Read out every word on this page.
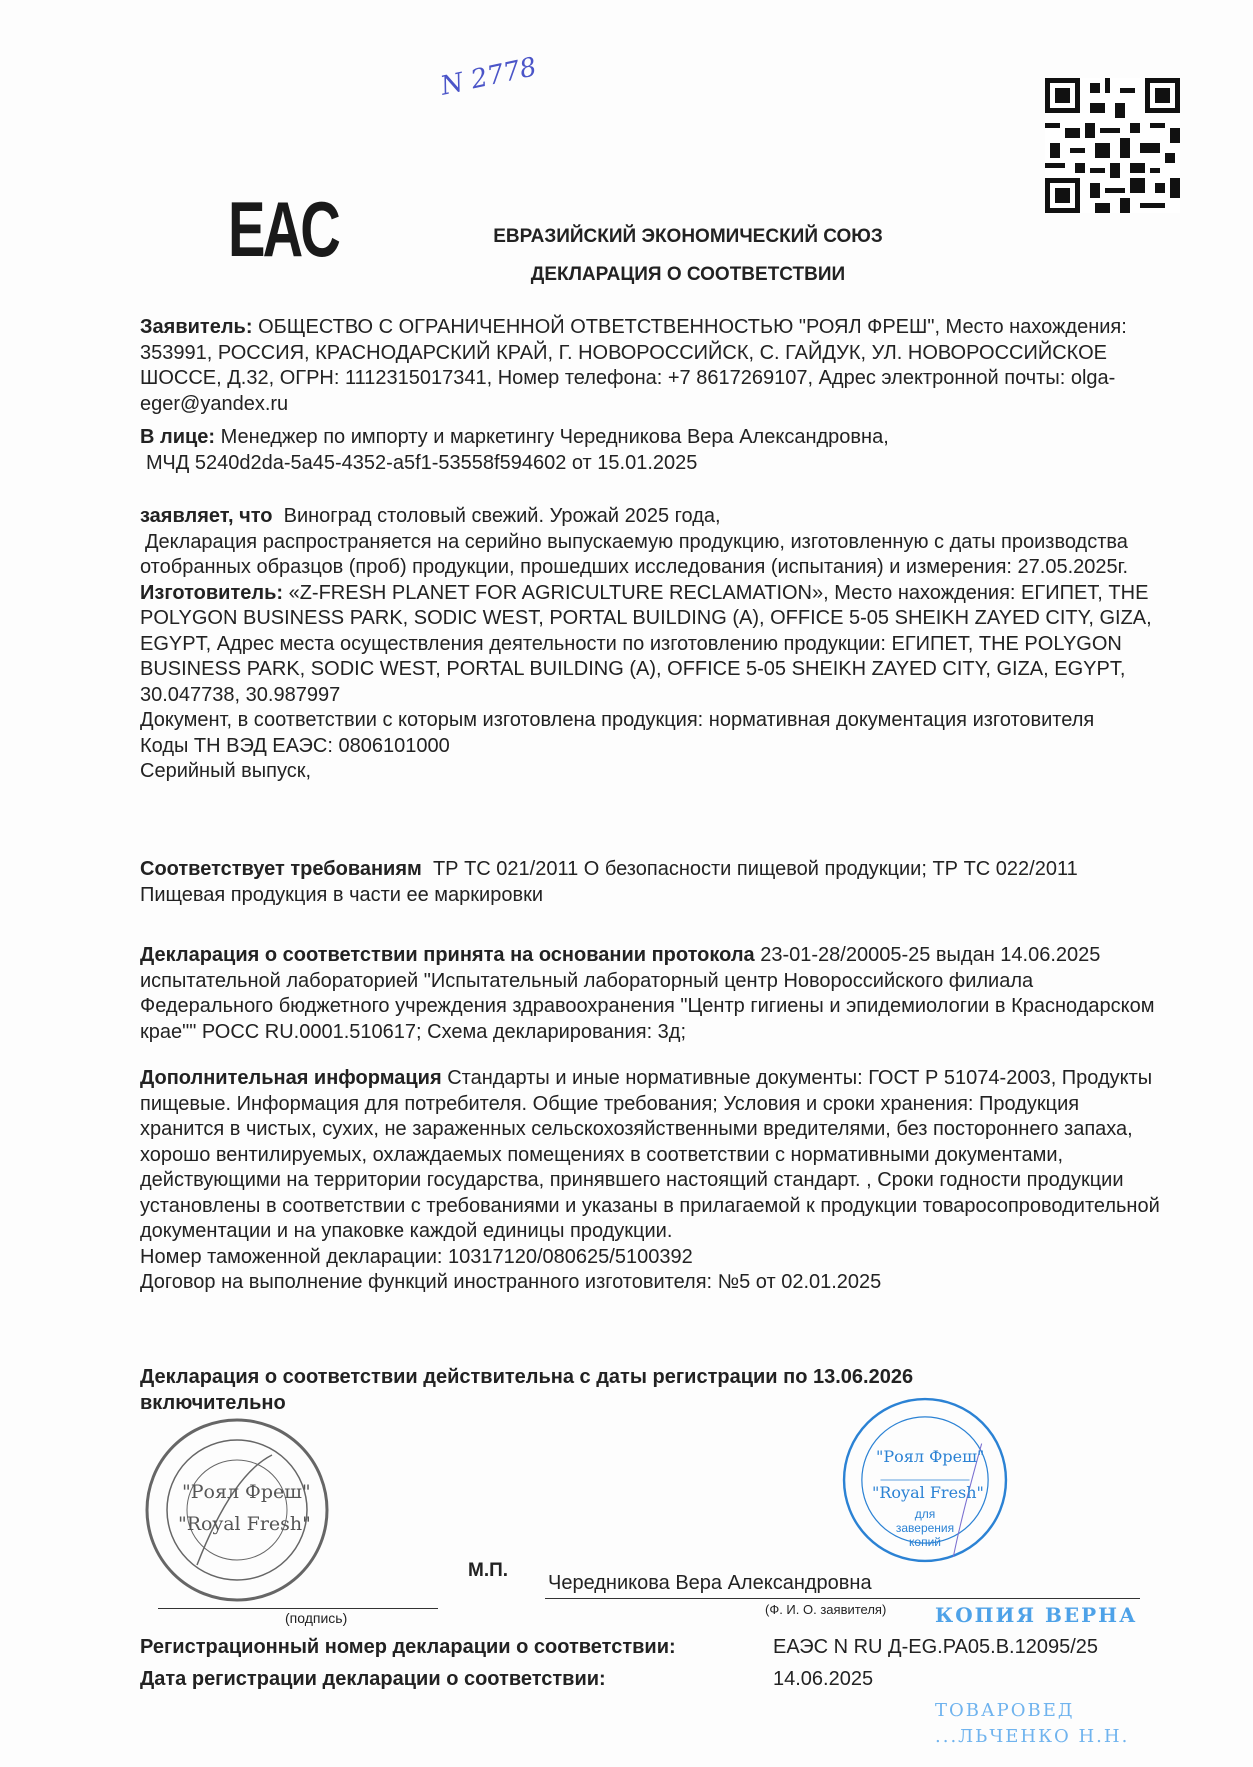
N 2778
EAC	ЕВРАЗИЙСКИЙ ЭКОНОМИЧЕСКИЙ СОЮЗ
ДЕКЛАРАЦИЯ О СООТВЕТСТВИИ
Заявитель: ОБЩЕСТВО С ОГРАНИЧЕННОЙ ОТВЕТСТВЕННОСТЬЮ "РОЯЛ ФРЕШ", Место нахождения: 353991, РОССИЯ, КРАСНОДАРСКИЙ КРАЙ, Г. НОВОРОССИЙСК, С. ГАЙДУК, УЛ. НОВОРОССИЙСКОЕ ШОССЕ, Д.32, ОГРН: 1112315017341, Номер телефона: +7 8617269107, Адрес электронной почты: olga-eger@yandex.ru
В лице: Менеджер по импорту и маркетингу Чередникова Вера Александровна,
МЧД 5240d2da-5a45-4352-a5f1-53558f594602 от 15.01.2025
заявляет, что Виноград столовый свежий. Урожай 2025 года,
Декларация распространяется на серийно выпускаемую продукцию, изготовленную с даты производства отобранных образцов (проб) продукции, прошедших исследования (испытания) и измерения: 27.05.2025г.
Изготовитель: «Z-FRESH PLANET FOR AGRICULTURE RECLAMATION», Место нахождения: ЕГИПЕТ, THE POLYGON BUSINESS PARK, SODIC WEST, PORTAL BUILDING (A), OFFICE 5-05 SHEIKH ZAYED CITY, GIZA, EGYPT, Адрес места осуществления деятельности по изготовлению продукции: ЕГИПЕТ, THE POLYGON BUSINESS PARK, SODIC WEST, PORTAL BUILDING (A), OFFICE 5-05 SHEIKH ZAYED CITY, GIZA, EGYPT, 30.047738, 30.987997
Документ, в соответствии с которым изготовлена продукция: нормативная документация изготовителя
Коды ТН ВЭД ЕАЭС: 0806101000
Серийный выпуск,
Соответствует требованиям ТР ТС 021/2011 О безопасности пищевой продукции; ТР ТС 022/2011 Пищевая продукция в части ее маркировки
Декларация о соответствии принята на основании протокола 23-01-28/20005-25 выдан 14.06.2025 испытательной лабораторией "Испытательный лабораторный центр Новороссийского филиала Федерального бюджетного учреждения здравоохранения "Центр гигиены и эпидемиологии в Краснодарском крае"" РОСС RU.0001.510617; Схема декларирования: 3д;
Дополнительная информация Стандарты и иные нормативные документы: ГОСТ Р 51074-2003, Продукты пищевые. Информация для потребителя. Общие требования; Условия и сроки хранения: Продукция хранится в чистых, сухих, не зараженных сельскохозяйственными вредителями, без постороннего запаха, хорошо вентилируемых, охлаждаемых помещениях в соответствии с нормативными документами, действующими на территории государства, принявшего настоящий стандарт. , Сроки годности продукции установлены в соответствии с требованиями и указаны в прилагаемой к продукции товаросопроводительной документации и на упаковке каждой единицы продукции.
Номер таможенной декларации: 10317120/080625/5100392
Договор на выполнение функций иностранного изготовителя: №5 от 02.01.2025
Декларация о соответствии действительна с даты регистрации по 13.06.2026 включительно
"Роял Фреш"
"Royal Fresh"
(подпись)
М.П.
Чередникова Вера Александровна
(Ф. И. О. заявителя)
"Роял Фреш"
"Royal Fresh"
для заверения копий
КОПИЯ ВЕРНА
ТОВАРОВЕД
...ЛЬЧЕНКО Н.Н.
Регистрационный номер декларации о соответствии:	ЕАЭС N RU Д-EG.PA05.B.12095/25
Дата регистрации декларации о соответствии:	14.06.2025
